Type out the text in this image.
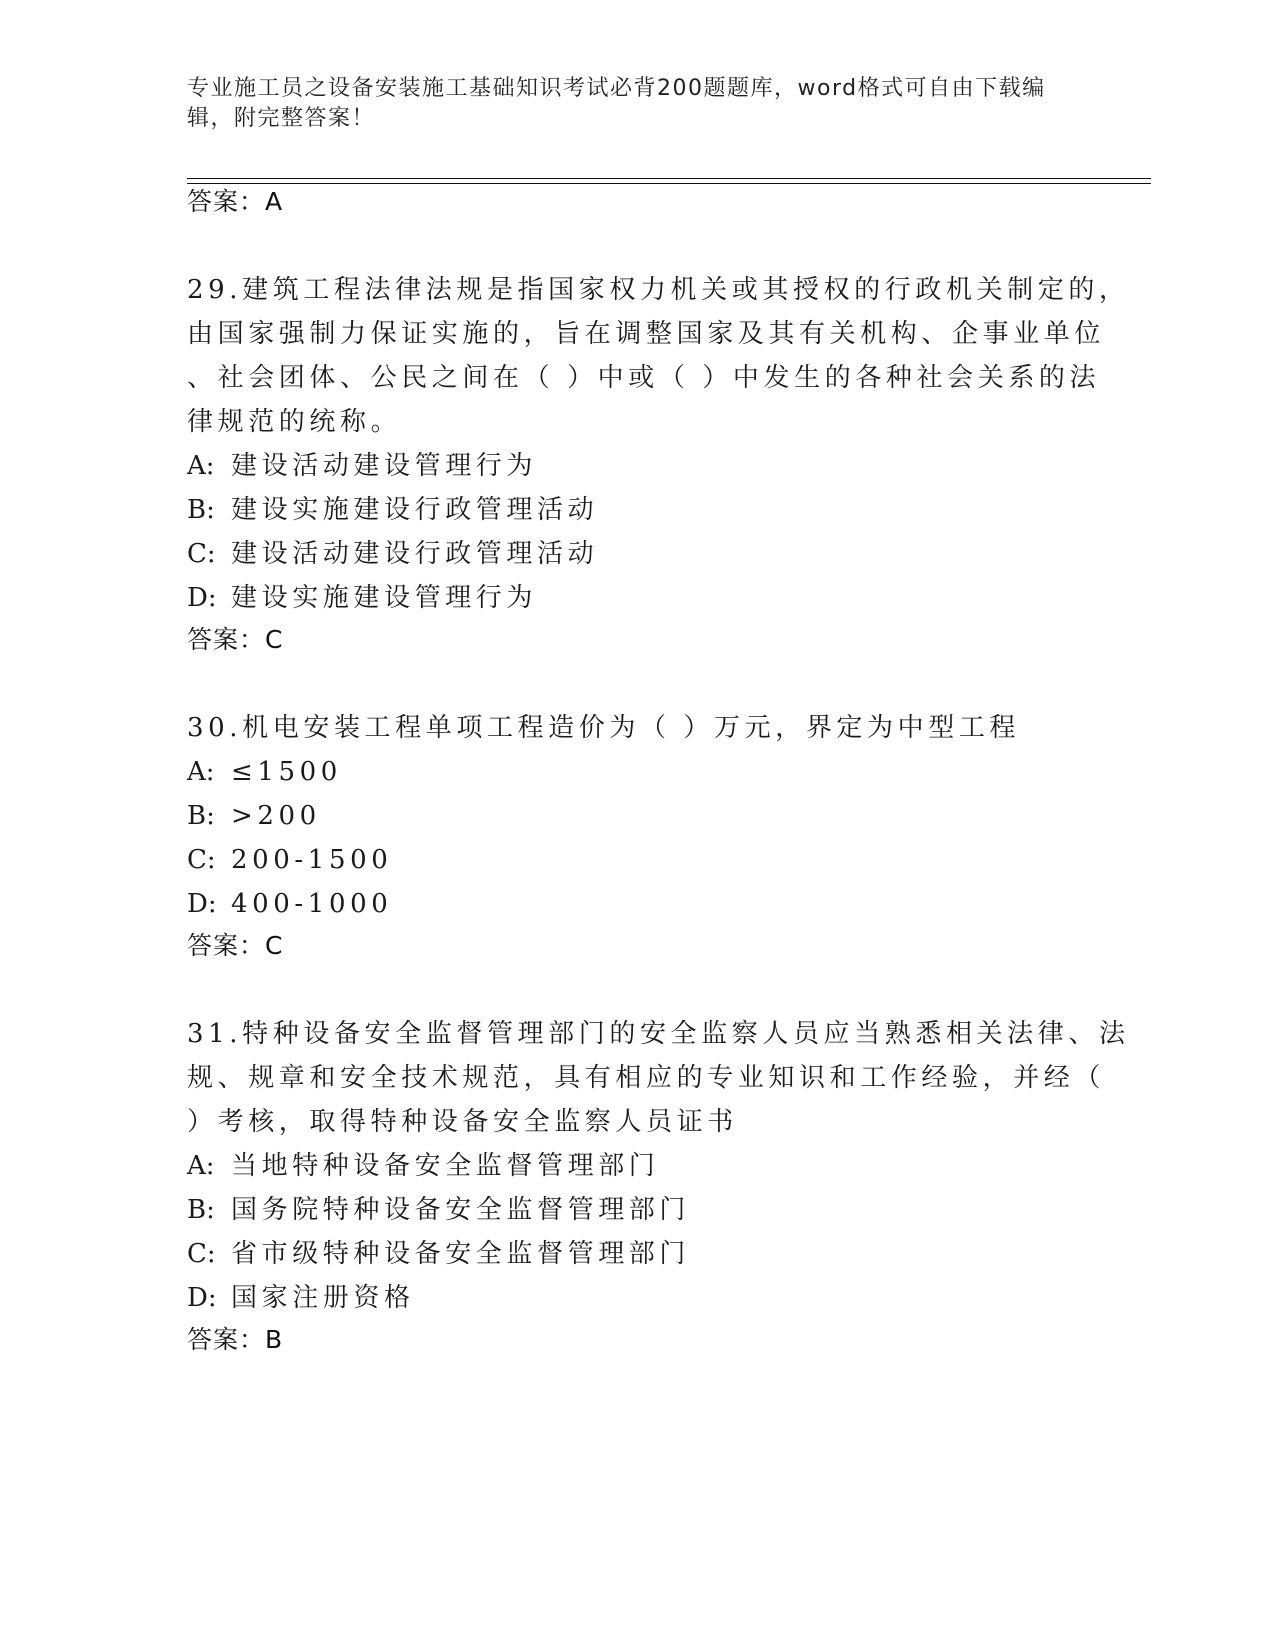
专业施工员之设备安装施工基础知识考试必背200题题库，word格式可自由下载编辑，附完整答案！
答案：A
29.建筑工程法律法规是指国家权力机关或其授权的行政机关制定的，
由国家强制力保证实施的，旨在调整国家及其有关机构、企事业单位
、社会团体、公民之间在（ ）中或（ ）中发生的各种社会关系的法
律规范的统称。
A: 建设活动建设管理行为
B: 建设实施建设行政管理活动
C: 建设活动建设行政管理活动
D: 建设实施建设管理行为
答案：C
30.机电安装工程单项工程造价为（ ）万元，界定为中型工程
A: ≤1500
B: >200
C: 200-1500
D: 400-1000
答案：C
31.特种设备安全监督管理部门的安全监察人员应当熟悉相关法律、法
规、规章和安全技术规范，具有相应的专业知识和工作经验，并经（
）考核，取得特种设备安全监察人员证书
A: 当地特种设备安全监督管理部门
B: 国务院特种设备安全监督管理部门
C: 省市级特种设备安全监督管理部门
D: 国家注册资格
答案：B
